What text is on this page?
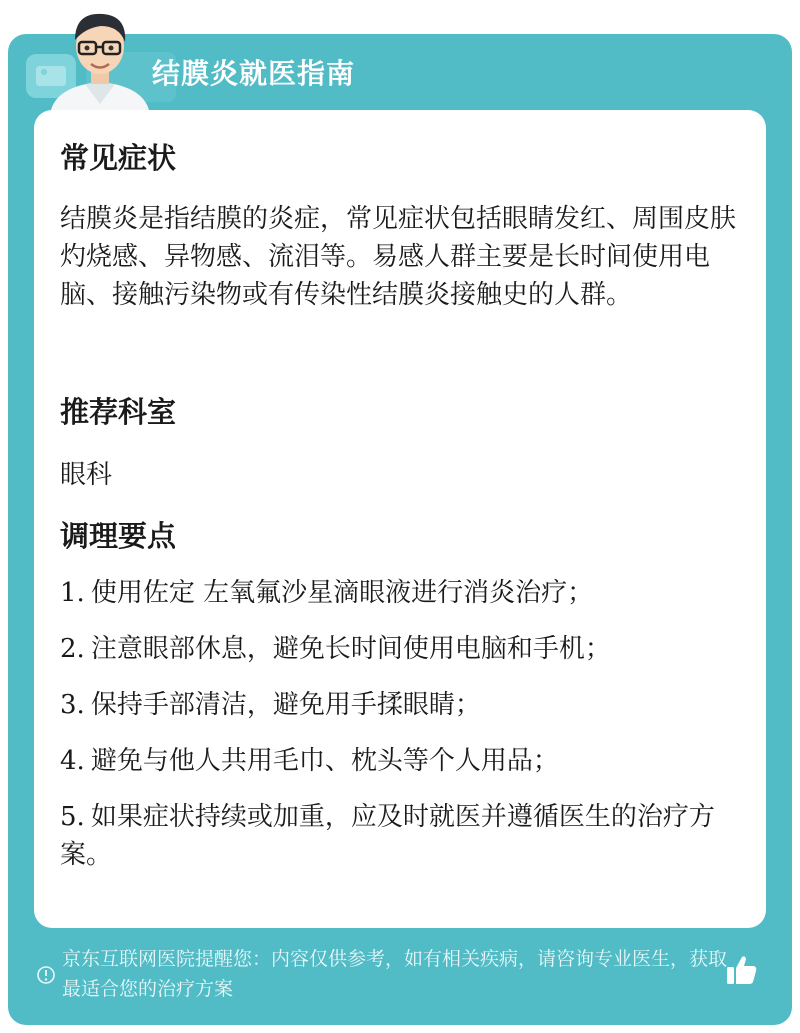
结膜炎就医指南
常见症状

结膜炎是指结膜的炎症，常见症状包括眼睛发红、周围皮肤灼烧感、异物感、流泪等。易感人群主要是长时间使用电脑、接触污染物或有传染性结膜炎接触史的人群。

推荐科室

眼科

调理要点

1. 使用佐定 左氧氟沙星滴眼液进行消炎治疗；

2. 注意眼部休息，避免长时间使用电脑和手机；

3. 保持手部清洁，避免用手揉眼睛；

4. 避免与他人共用毛巾、枕头等个人用品；

5. 如果症状持续或加重，应及时就医并遵循医生的治疗方案。

京东互联网医院提醒您：内容仅供参考，如有相关疾病，请咨询专业医生，获取最适合您的治疗方案
